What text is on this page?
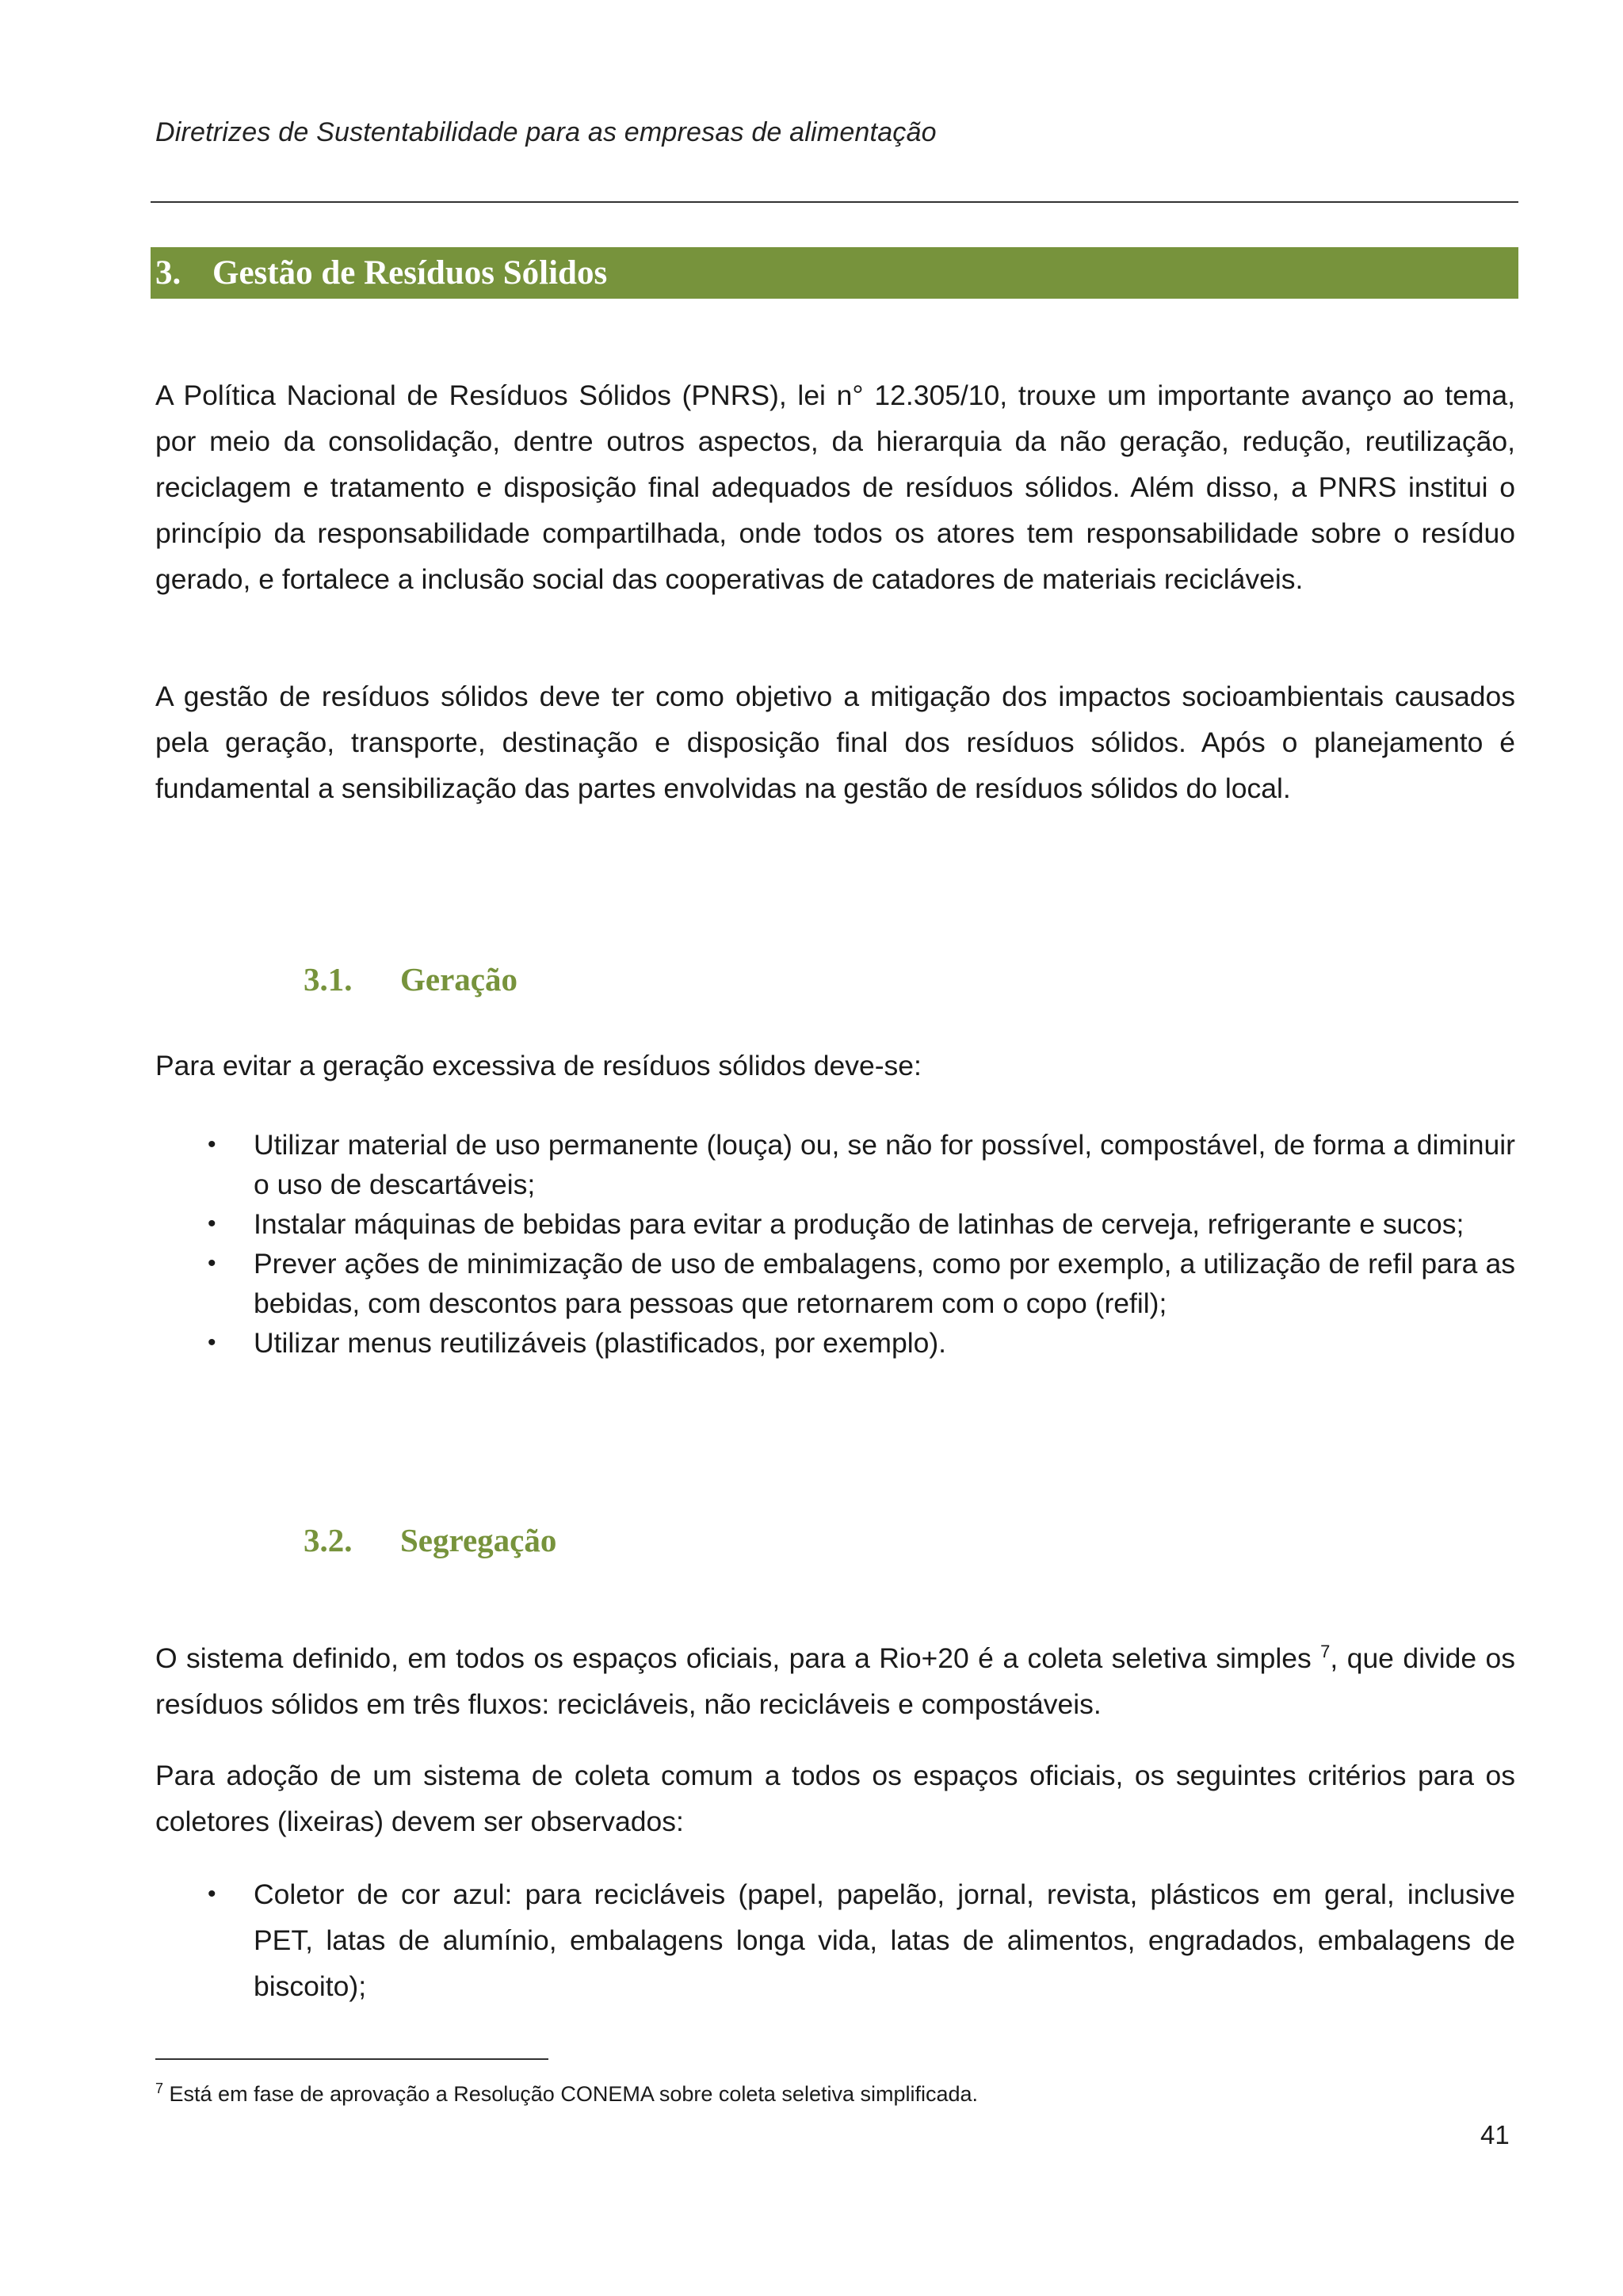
Diretrizes de Sustentabilidade para as empresas de alimentação
3. Gestão de Resíduos Sólidos

A Política Nacional de Resíduos Sólidos (PNRS), lei n° 12.305/10, trouxe um importante avanço ao tema, por meio da consolidação, dentre outros aspectos, da hierarquia da não geração, redução, reutilização, reciclagem e tratamento e disposição final adequados de resíduos sólidos. Além disso, a PNRS institui o princípio da responsabilidade compartilhada, onde todos os atores tem responsabilidade sobre o resíduo gerado, e fortalece a inclusão social das cooperativas de catadores de materiais recicláveis.

A gestão de resíduos sólidos deve ter como objetivo a mitigação dos impactos socioambientais causados pela geração, transporte, destinação e disposição final dos resíduos sólidos. Após o planejamento é fundamental a sensibilização das partes envolvidas na gestão de resíduos sólidos do local.

3.1.	Geração

Para evitar a geração excessiva de resíduos sólidos deve-se:

• Utilizar material de uso permanente (louça) ou, se não for possível, compostável, de forma a diminuir o uso de descartáveis;
• Instalar máquinas de bebidas para evitar a produção de latinhas de cerveja, refrigerante e sucos;
• Prever ações de minimização de uso de embalagens, como por exemplo, a utilização de refil para as bebidas, com descontos para pessoas que retornarem com o copo (refil);
• Utilizar menus reutilizáveis (plastificados, por exemplo).
3.2.	Segregação

O sistema definido, em todos os espaços oficiais, para a Rio+20 é a coleta seletiva simples $^7$, que divide os resíduos sólidos em três fluxos: recicláveis, não recicláveis e compostáveis.

Para adoção de um sistema de coleta comum a todos os espaços oficiais, os seguintes critérios para os coletores (lixeiras) devem ser observados:

• Coletor de cor azul: para recicláveis (papel, papelão, jornal, revista, plásticos em geral, inclusive PET, latas de alumínio, embalagens longa vida, latas de alimentos, engradados, embalagens de biscoito);
$^7$ Está em fase de aprovação a Resolução CONEMA sobre coleta seletiva simplificada.
41
